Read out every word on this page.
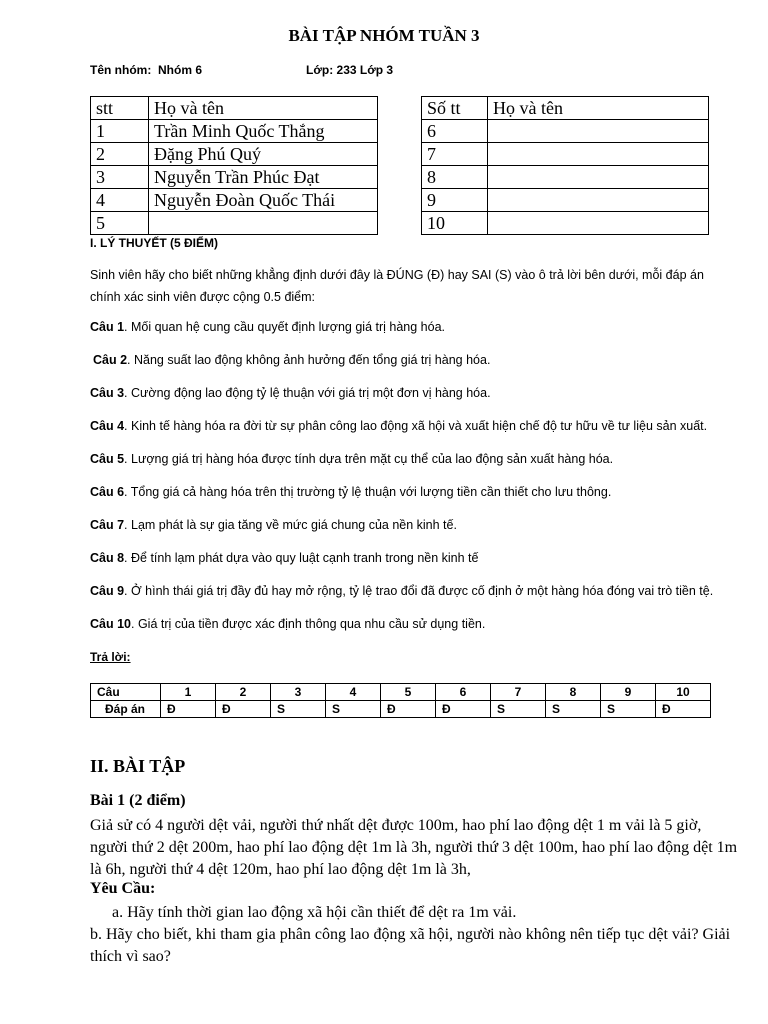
BÀI TẬP NHÓM TUẦN 3
Tên nhóm: Nhóm 6	Lớp: 233 Lớp 3
stt	Họ và tên
1	Trần Minh Quốc Thắng
2	Đặng Phú Quý
3	Nguyễn Trần Phúc Đạt
4	Nguyễn Đoàn Quốc Thái
5	
Số tt	Họ và tên
6	
7	
8	
9	
10	
I. LÝ THUYẾT (5 ĐIỂM)
Sinh viên hãy cho biết những khẳng định dưới đây là ĐÚNG (Đ) hay SAI (S) vào ô trả lời bên dưới, mỗi đáp án chính xác sinh viên được cộng 0.5 điểm:
Câu 1. Mối quan hệ cung cầu quyết định lượng giá trị hàng hóa.
Câu 2. Năng suất lao động không ảnh hưởng đến tổng giá trị hàng hóa.
Câu 3. Cường động lao động tỷ lệ thuận với giá trị một đơn vị hàng hóa.
Câu 4. Kinh tế hàng hóa ra đời từ sự phân công lao động xã hội và xuất hiện chế độ tư hữu về tư liệu sản xuất.
Câu 5. Lượng giá trị hàng hóa được tính dựa trên mặt cụ thể của lao động sản xuất hàng hóa.
Câu 6. Tổng giá cả hàng hóa trên thị trường tỷ lệ thuận với lượng tiền cần thiết cho lưu thông.
Câu 7. Lạm phát là sự gia tăng về mức giá chung của nền kinh tế.
Câu 8. Để tính lạm phát dựa vào quy luật cạnh tranh trong nền kinh tế
Câu 9. Ở hình thái giá trị đầy đủ hay mở rộng, tỷ lệ trao đổi đã được cố định ở một hàng hóa đóng vai trò tiền tệ.
Câu 10. Giá trị của tiền được xác định thông qua nhu cầu sử dụng tiền.
Trả lời:
Câu	1	2	3	4	5	6	7	8	9	10
Đáp án	Đ	Đ	S	S	Đ	Đ	S	S	S	Đ
II. BÀI TẬP
Bài 1 (2 điểm)
Giả sử có 4 người dệt vải, người thứ nhất dệt được 100m, hao phí lao động dệt 1 m vải là 5 giờ, người thứ 2 dệt 200m, hao phí lao động dệt 1m là 3h, người thứ 3 dệt 100m, hao phí lao động dệt 1m là 6h, người thứ 4 dệt 120m, hao phí lao động dệt 1m là 3h,
Yêu Cầu:
a. Hãy tính thời gian lao động xã hội cần thiết để dệt ra 1m vải.
b. Hãy cho biết, khi tham gia phân công lao động xã hội, người nào không nên tiếp tục dệt vải? Giải thích vì sao?
